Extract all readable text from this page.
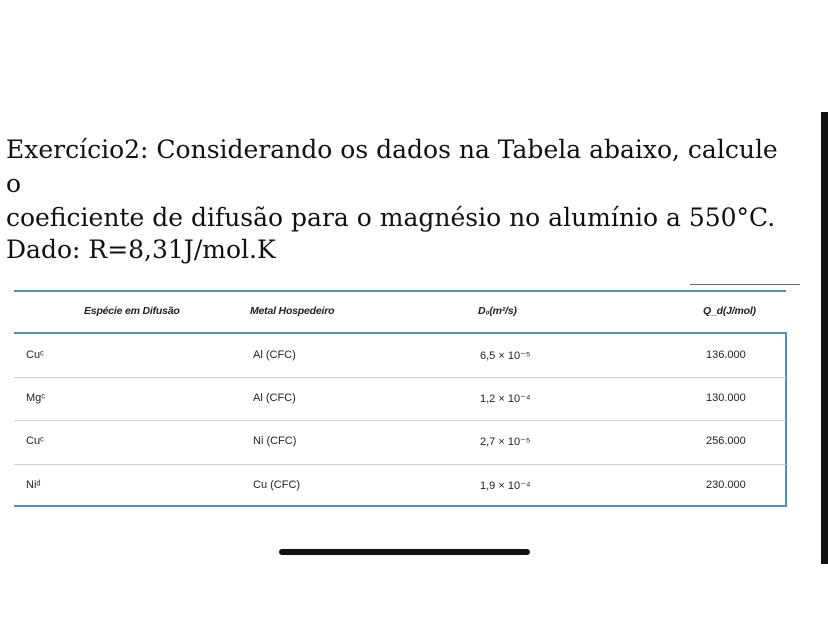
Exercício2: Considerando os dados na Tabela abaixo, calcule o
coeficiente de difusão para o magnésio no alumínio a 550°C.

Dado: R=8,31J/mol.K

Espécie em Difusão	Metal Hospedeiro	D₀(m²/s)	Q_d(J/mol)
Cuᶜ	Al (CFC)	6,5 × 10⁻⁵	136.000
Mgᶜ	Al (CFC)	1,2 × 10⁻⁴	130.000
Cuᶜ	Ni (CFC)	2,7 × 10⁻⁵	256.000
Niᵈ	Cu (CFC)	1,9 × 10⁻⁴	230.000
